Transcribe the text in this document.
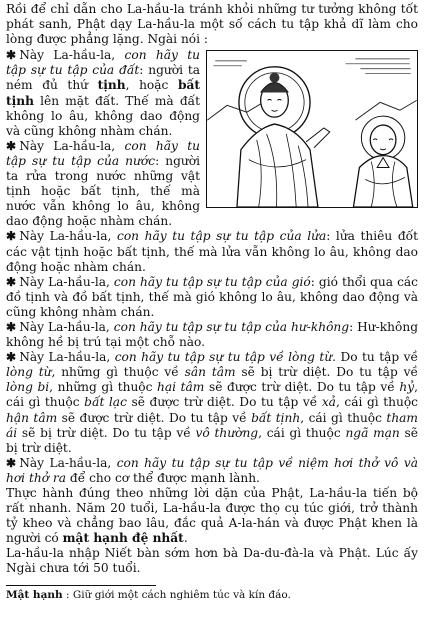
Rồi để chỉ dẫn cho La-hầu-la tránh khỏi những tư tưởng không tốt phát sanh, Phật dạy La-hầu-la một số cách tu tập khả dĩ làm cho lòng được phẳng lặng. Ngài nói :

✱ Này La-hầu-la, con hãy tu tập sự tu tập của đất: người ta ném đủ thứ tịnh, hoặc bất tịnh lên mặt đất. Thế mà đất không lo âu, không dao động và cũng không nhàm chán.

✱ Này La-hầu-la, con hãy tu tập sự tu tập của nước: người ta rửa trong nước những vật tịnh hoặc bất tịnh, thế mà nước vẫn không lo âu, không dao động hoặc nhàm chán.

✱ Này La-hầu-la, con hãy tu tập sự tu tập của lửa: lửa thiêu đốt các vật tịnh hoặc bất tịnh, thế mà lửa vẫn không lo âu, không dao động hoặc nhàm chán.

✱ Này La-hầu-la, con hãy tu tập sự tu tập của gió: gió thổi qua các đồ tịnh và đồ bất tịnh, thế mà gió không lo âu, không dao động và cũng không nhàm chán.

✱ Này La-hầu-la, con hãy tu tập sự tu tập của hư-không: Hư-không không hề bị trú tại một chỗ nào.

✱ Này La-hầu-la, con hãy tu tập sự tu tập về lòng từ. Do tu tập về lòng từ, những gì thuộc về sân tâm sẽ bị trừ diệt. Do tu tập về lòng bi, những gì thuộc hại tâm sẽ được trừ diệt. Do tu tập về hỷ, cái gì thuộc bất lạc sẽ được trừ diệt. Do tu tập về xả, cái gì thuộc hận tâm sẽ được trừ diệt. Do tu tập về bất tịnh, cái gì thuộc tham ái sẽ bị trừ diệt. Do tu tập về vô thường, cái gì thuộc ngã mạn sẽ bị trừ diệt.

✱ Này La-hầu-la, con hãy tu tập sự tu tập về niệm hơi thở vô và hơi thở ra để cho cơ thể được mạnh lành.

Thực hành đúng theo những lời dặn của Phật, La-hầu-la tiến bộ rất nhanh. Năm 20 tuổi, La-hầu-la được thọ cụ túc giới, trở thành tỷ kheo và chẳng bao lâu, đắc quả A-la-hán và được Phật khen là người có mật hạnh đệ nhất.

La-hầu-la nhập Niết bàn sớm hơn bà Da-du-đà-la và Phật. Lúc ấy Ngài chưa tới 50 tuổi.

Mật hạnh : Giữ giới một cách nghiêm túc và kín đáo.
